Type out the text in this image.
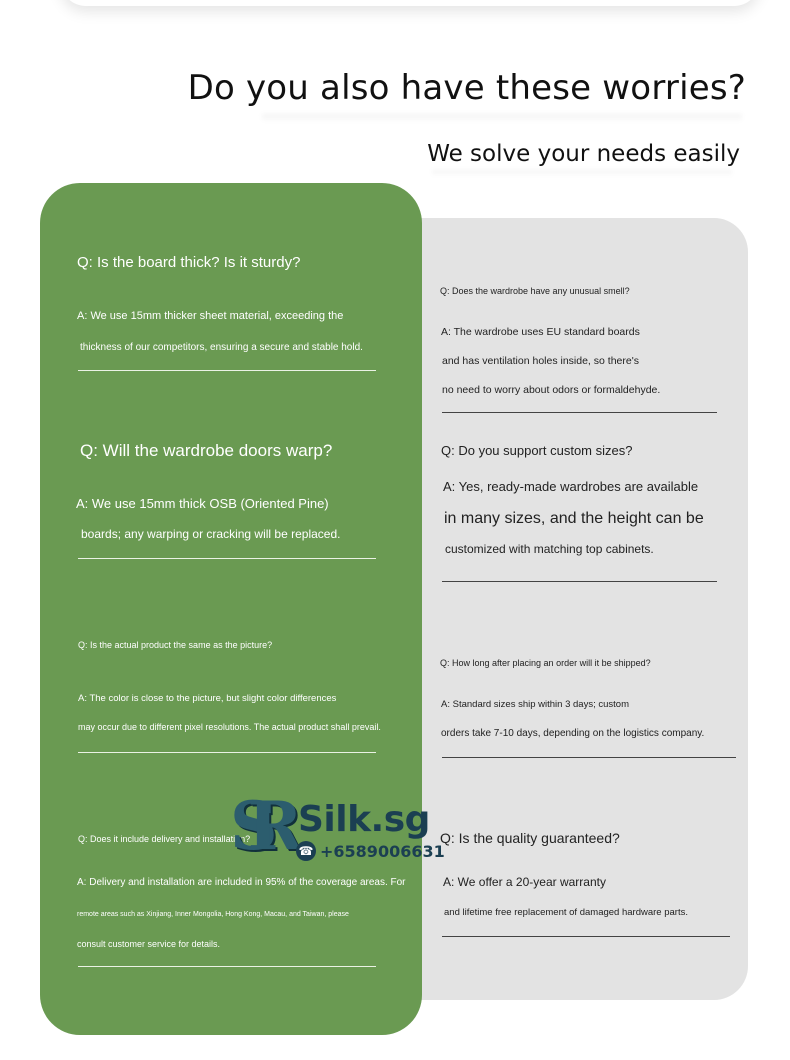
Do you also have these worries?
We solve your needs easily

Q: Is the board thick? Is it sturdy?

A: We use 15mm thicker sheet material, exceeding the

thickness of our competitors, ensuring a secure and stable hold.

Q: Will the wardrobe doors warp?

A: We use 15mm thick OSB (Oriented Pine)

boards; any warping or cracking will be replaced.

Q: Is the actual product the same as the picture?

A: The color is close to the picture, but slight color differences

may occur due to different pixel resolutions. The actual product shall prevail.

Q: Does it include delivery and installation?

A: Delivery and installation are included in 95% of the coverage areas. For

remote areas such as Xinjiang, Inner Mongolia, Hong Kong, Macau, and Taiwan, please

consult customer service for details.

Q: Does the wardrobe have any unusual smell?

A: The wardrobe uses EU standard boards

and has ventilation holes inside, so there's

no need to worry about odors or formaldehyde.

Q: Do you support custom sizes?

A: Yes, ready-made wardrobes are available

in many sizes, and the height can be

customized with matching top cabinets.

Q: How long after placing an order will it be shipped?

A: Standard sizes ship within 3 days; custom

orders take 7-10 days, depending on the logistics company.

Q: Is the quality guaranteed?

A: We offer a 20-year warranty

and lifetime free replacement of damaged hardware parts.

SR Silk.sg
☎ +6589006631
